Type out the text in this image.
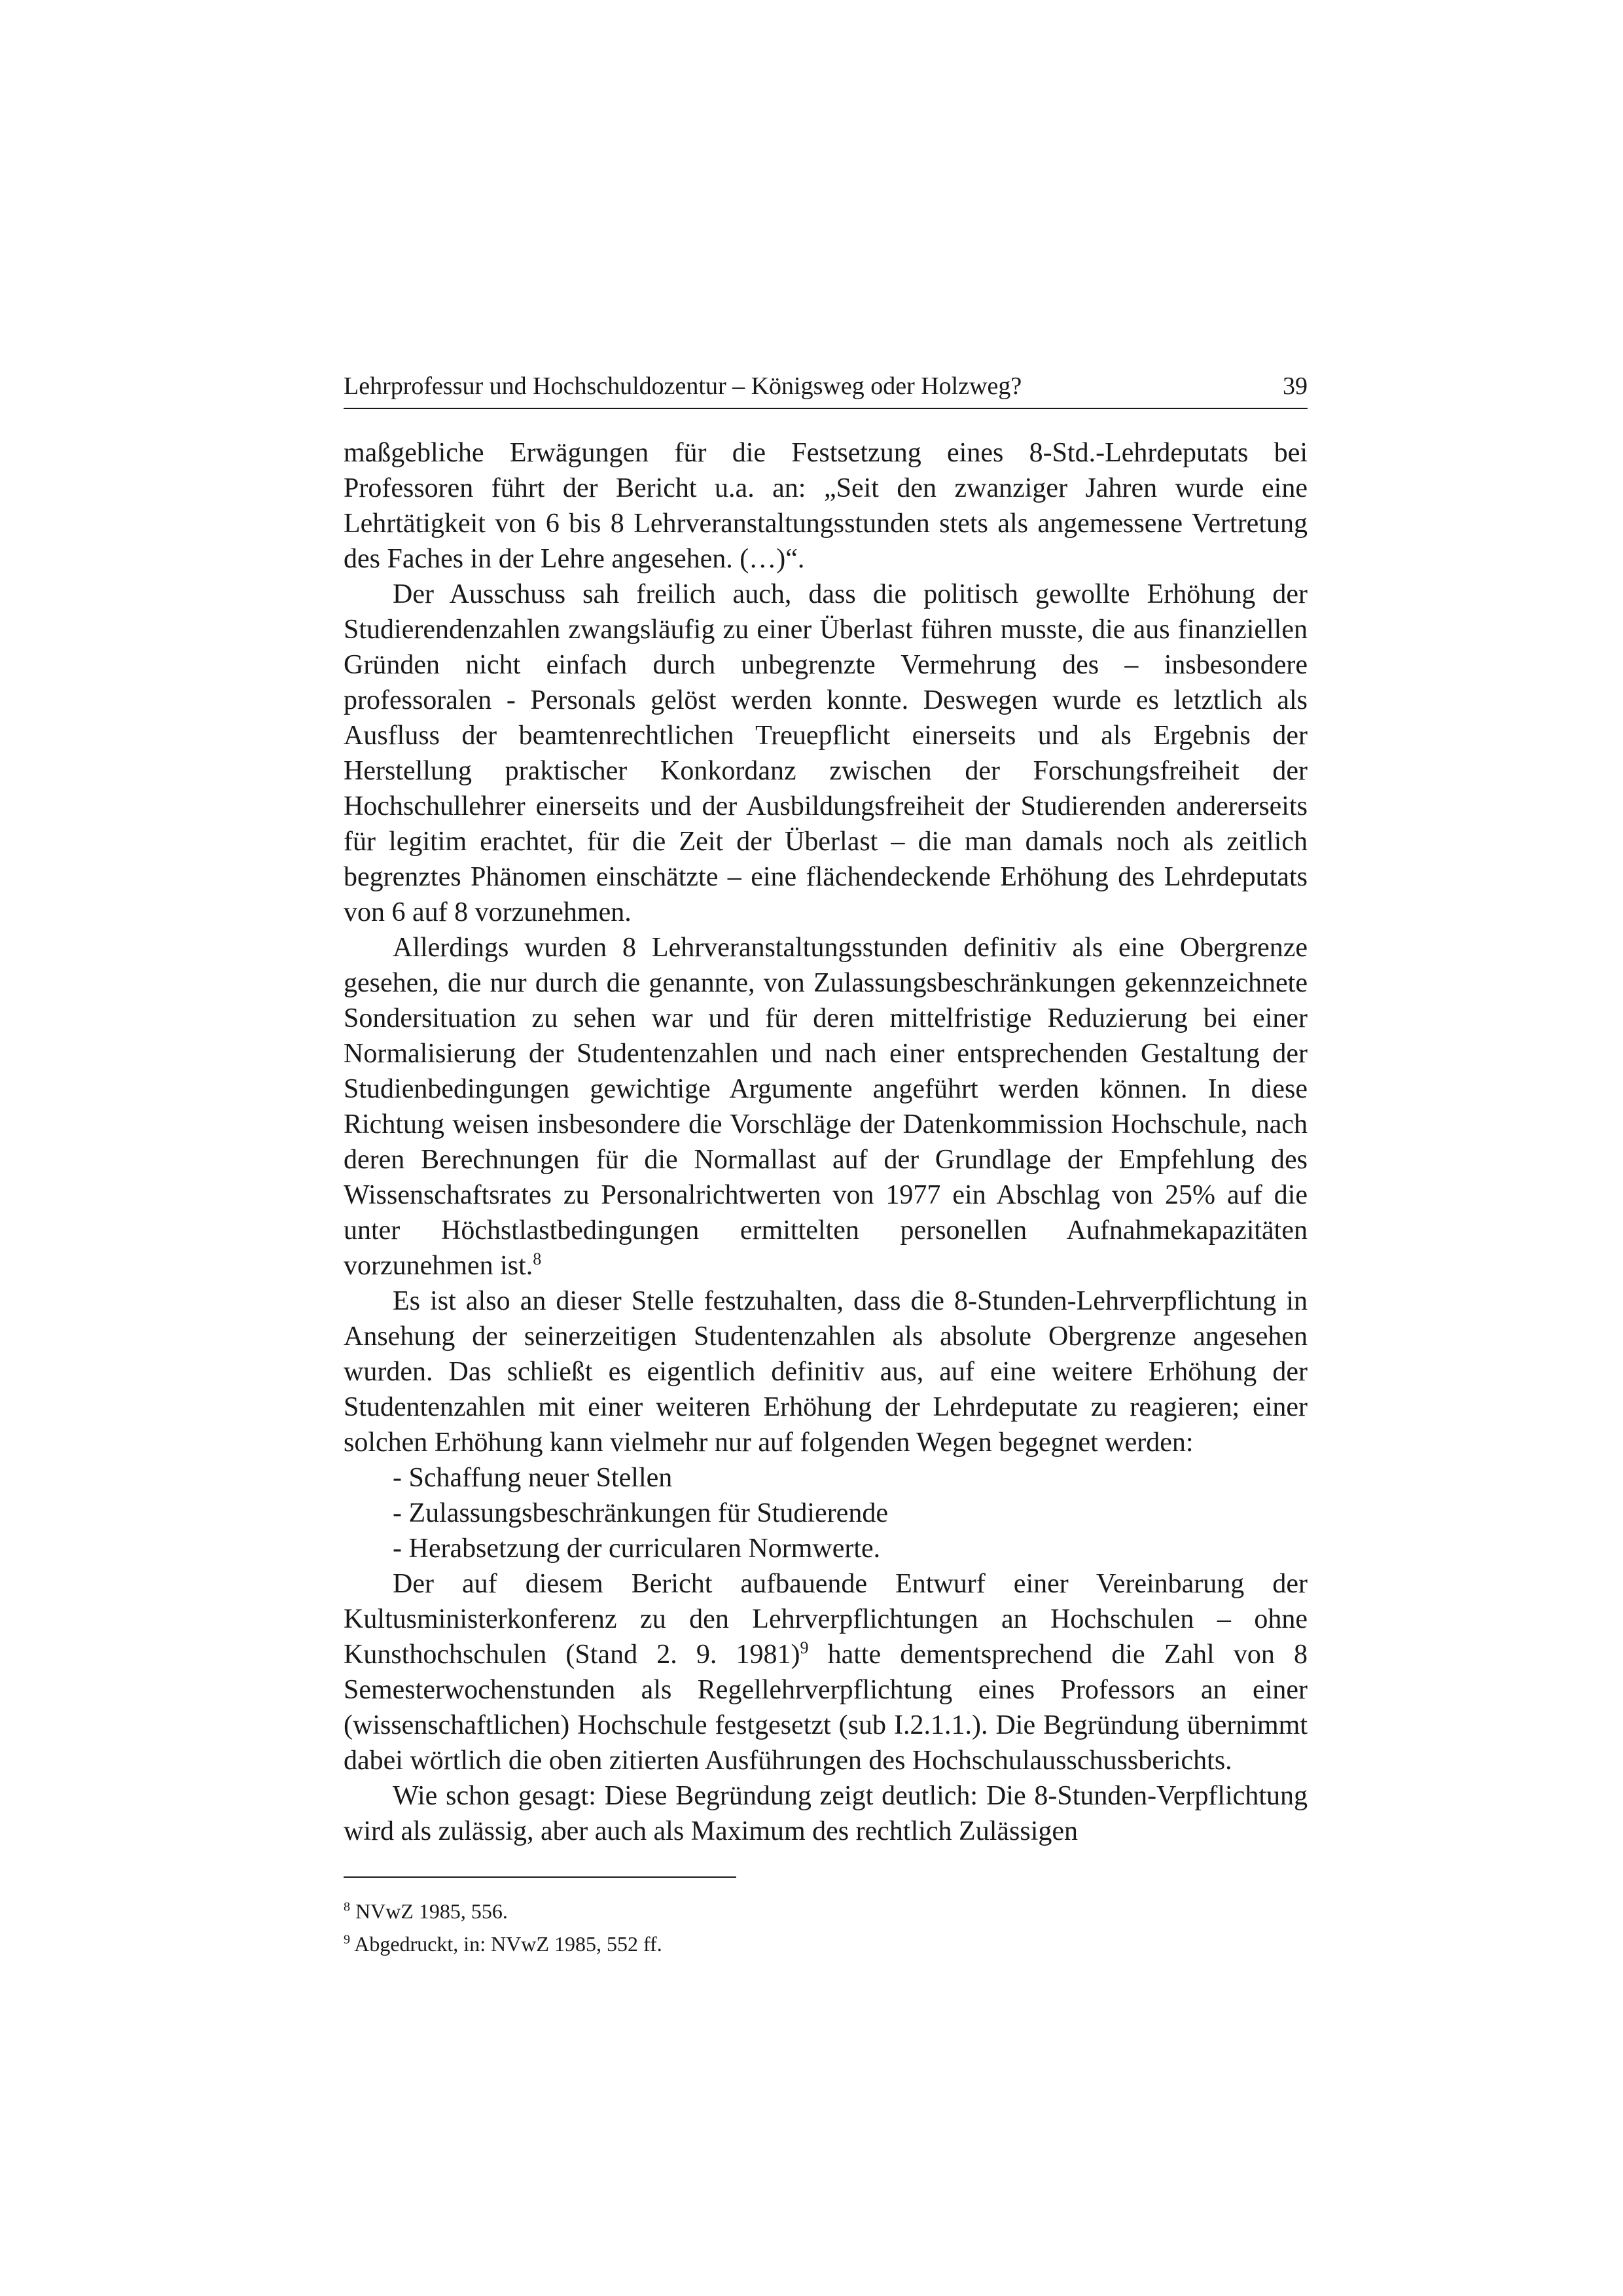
Lehrprofessur und Hochschuldozentur – Königsweg oder Holzweg?	39

maßgebliche Erwägungen für die Festsetzung eines 8-Std.-Lehrdeputats bei Professoren führt der Bericht u.a. an: „Seit den zwanziger Jahren wurde eine Lehrtätigkeit von 6 bis 8 Lehrveranstaltungsstunden stets als angemessene Vertretung des Faches in der Lehre angesehen. (…)“.

Der Ausschuss sah freilich auch, dass die politisch gewollte Erhöhung der Studierendenzahlen zwangsläufig zu einer Überlast führen musste, die aus finanziellen Gründen nicht einfach durch unbegrenzte Vermehrung des – insbesondere professoralen - Personals gelöst werden konnte. Deswegen wurde es letztlich als Ausfluss der beamtenrechtlichen Treuepflicht einerseits und als Ergebnis der Herstellung praktischer Konkordanz zwischen der Forschungsfreiheit der Hochschullehrer einerseits und der Ausbildungsfreiheit der Studierenden andererseits für legitim erachtet, für die Zeit der Überlast – die man damals noch als zeitlich begrenztes Phänomen einschätzte – eine flächendeckende Erhöhung des Lehrdeputats von 6 auf 8 vorzunehmen.

Allerdings wurden 8 Lehrveranstaltungsstunden definitiv als eine Obergrenze gesehen, die nur durch die genannte, von Zulassungsbeschränkungen gekennzeichnete Sondersituation zu sehen war und für deren mittelfristige Reduzierung bei einer Normalisierung der Studentenzahlen und nach einer entsprechenden Gestaltung der Studienbedingungen gewichtige Argumente angeführt werden können. In diese Richtung weisen insbesondere die Vorschläge der Datenkommission Hochschule, nach deren Berechnungen für die Normallast auf der Grundlage der Empfehlung des Wissenschaftsrates zu Personalrichtwerten von 1977 ein Abschlag von 25% auf die unter Höchstlastbedingungen ermittelten personellen Aufnahmekapazitäten vorzunehmen ist.$^8$

Es ist also an dieser Stelle festzuhalten, dass die 8-Stunden-Lehrverpflichtung in Ansehung der seinerzeitigen Studentenzahlen als absolute Obergrenze angesehen wurden. Das schließt es eigentlich definitiv aus, auf eine weitere Erhöhung der Studentenzahlen mit einer weiteren Erhöhung der Lehrdeputate zu reagieren; einer solchen Erhöhung kann vielmehr nur auf folgenden Wegen begegnet werden:

- Schaffung neuer Stellen
- Zulassungsbeschränkungen für Studierende
- Herabsetzung der curricularen Normwerte.

Der auf diesem Bericht aufbauende Entwurf einer Vereinbarung der Kultusministerkonferenz zu den Lehrverpflichtungen an Hochschulen – ohne Kunsthochschulen (Stand 2. 9. 1981)$^9$ hatte dementsprechend die Zahl von 8 Semesterwochenstunden als Regellehrverpflichtung eines Professors an einer (wissenschaftlichen) Hochschule festgesetzt (sub I.2.1.1.). Die Begründung übernimmt dabei wörtlich die oben zitierten Ausführungen des Hochschulausschussberichts.

Wie schon gesagt: Diese Begründung zeigt deutlich: Die 8-Stunden-Verpflichtung wird als zulässig, aber auch als Maximum des rechtlich Zulässigen

$^8$ NVwZ 1985, 556.
$^9$ Abgedruckt, in: NVwZ 1985, 552 ff.
